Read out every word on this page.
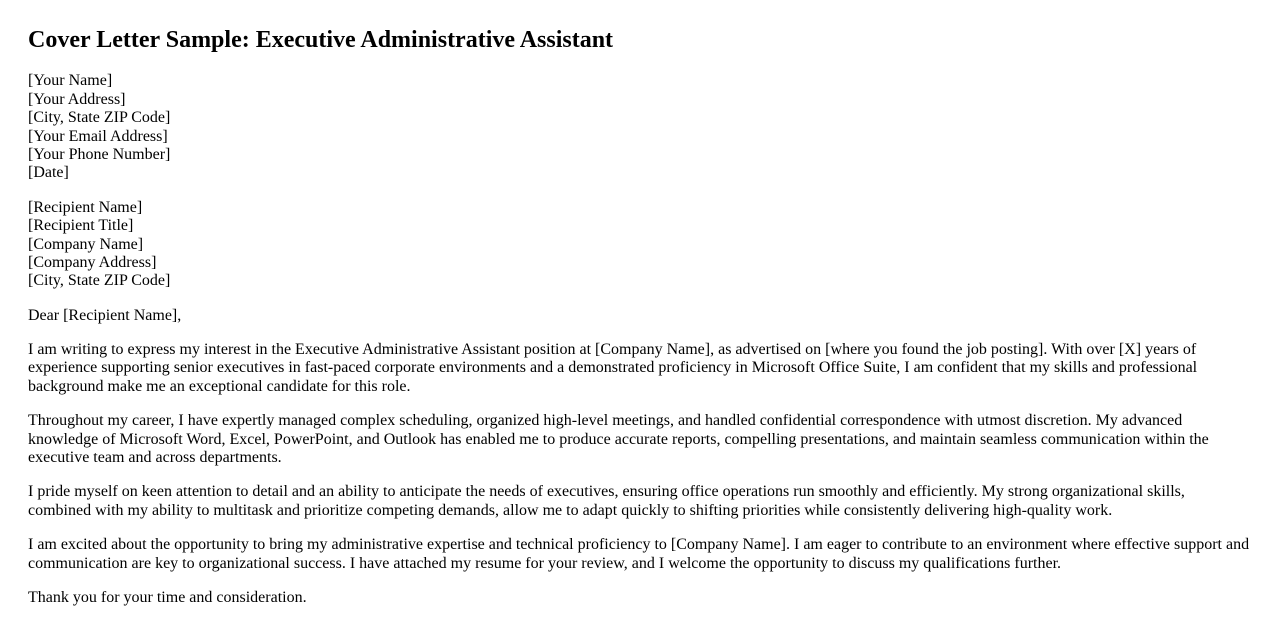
Cover Letter Sample: Executive Administrative Assistant

[Your Name]
[Your Address]
[City, State ZIP Code]
[Your Email Address]
[Your Phone Number]
[Date]

[Recipient Name]
[Recipient Title]
[Company Name]
[Company Address]
[City, State ZIP Code]

Dear [Recipient Name],

I am writing to express my interest in the Executive Administrative Assistant position at [Company Name], as advertised on [where you found the job posting]. With over [X] years of experience supporting senior executives in fast-paced corporate environments and a demonstrated proficiency in Microsoft Office Suite, I am confident that my skills and professional background make me an exceptional candidate for this role.

Throughout my career, I have expertly managed complex scheduling, organized high-level meetings, and handled confidential correspondence with utmost discretion. My advanced knowledge of Microsoft Word, Excel, PowerPoint, and Outlook has enabled me to produce accurate reports, compelling presentations, and maintain seamless communication within the executive team and across departments.

I pride myself on keen attention to detail and an ability to anticipate the needs of executives, ensuring office operations run smoothly and efficiently. My strong organizational skills, combined with my ability to multitask and prioritize competing demands, allow me to adapt quickly to shifting priorities while consistently delivering high-quality work.

I am excited about the opportunity to bring my administrative expertise and technical proficiency to [Company Name]. I am eager to contribute to an environment where effective support and communication are key to organizational success. I have attached my resume for your review, and I welcome the opportunity to discuss my qualifications further.

Thank you for your time and consideration.
